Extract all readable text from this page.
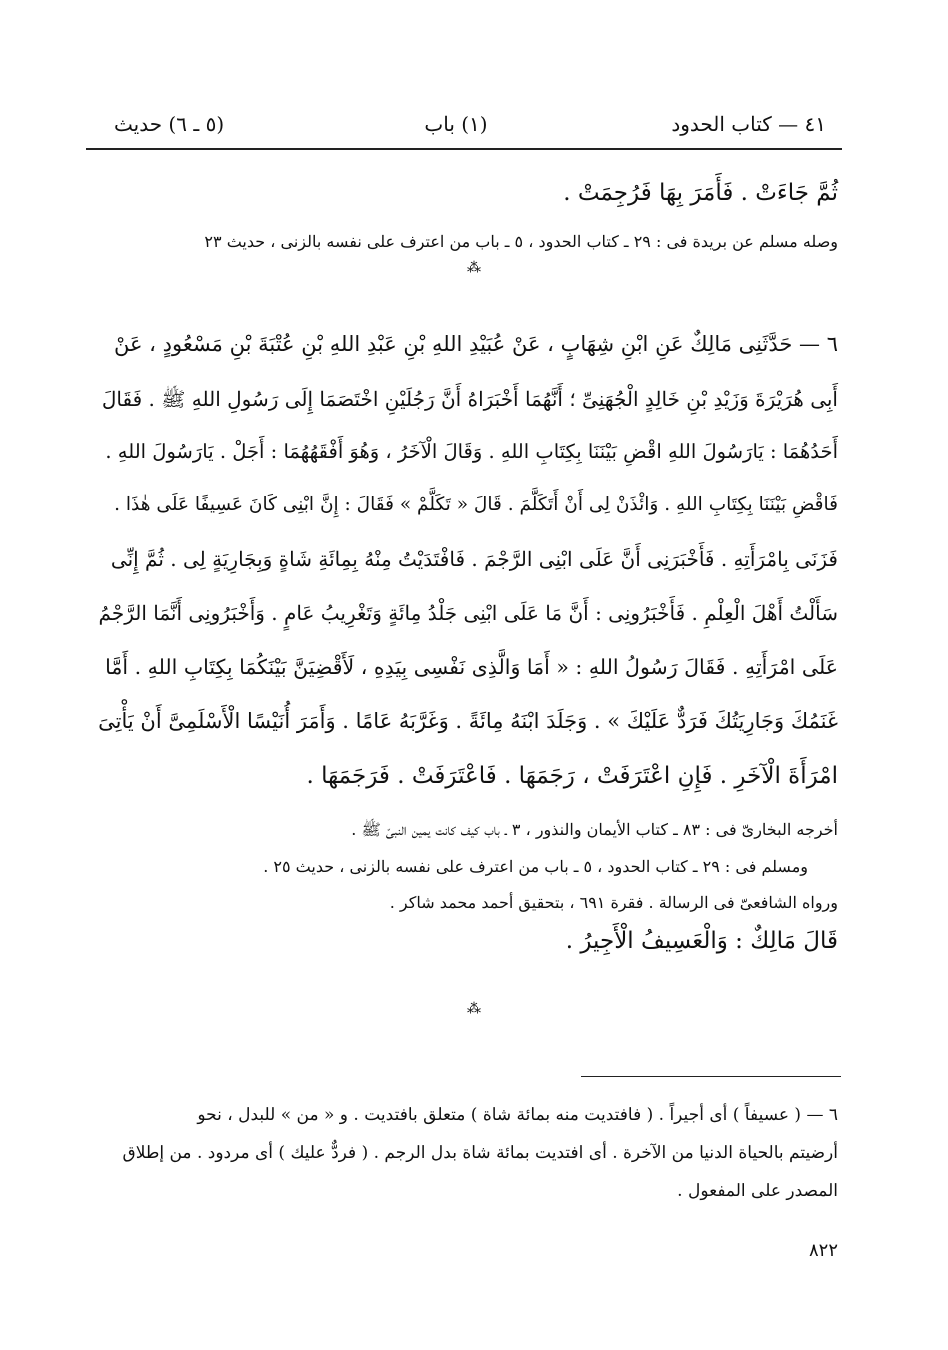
٤١ — كتاب الحدود
(١) باب
(٥ ـ ٦) حديث
ثُمَّ جَاءَتْ . فَأَمَرَ بِهَا فَرُجِمَتْ .
وصله مسلم عن بريدة فى : ٢٩ ـ كتاب الحدود ، ٥ ـ باب من اعترف على نفسه بالزنى ، حديث ٢٣
⁂
٦ — حَدَّثَنِى مَالِكٌ عَنِ ابْنِ شِهَابٍ ، عَنْ عُبَيْدِ اللهِ بْنِ عَبْدِ اللهِ بْنِ عُتْبَةَ بْنِ مَسْعُودٍ ، عَنْ
أَبِى هُرَيْرَةَ وَزَيْدِ بْنِ خَالِدٍ الْجُهَنِىِّ ؛ أَنَّهُمَا أَخْبَرَاهُ أَنَّ رَجُلَيْنِ اخْتَصَمَا إِلَى رَسُولِ اللهِ ﷺ . فَقَالَ
أَحَدُهُمَا : يَارَسُولَ اللهِ اقْضِ بَيْنَنَا بِكِتَابِ اللهِ . وَقَالَ الْآخَرُ ، وَهُوَ أَفْقَهُهُمَا : أَجَلْ . يَارَسُولَ اللهِ .
فَاقْضِ بَيْنَنَا بِكِتَابِ اللهِ . وَائْذَنْ لِى أَنْ أَتَكَلَّمَ . قَالَ « تَكَلَّمْ » فَقَالَ : إِنَّ ابْنِى كَانَ عَسِيفًا عَلَى هٰذَا .
فَزَنَى بِامْرَأَتِهِ . فَأَخْبَرَنِى أَنَّ عَلَى ابْنِى الرَّجْمَ . فَافْتَدَيْتُ مِنْهُ بِمِائَةِ شَاةٍ وَبِجَارِيَةٍ لِى . ثُمَّ إِنِّى
سَأَلْتُ أَهْلَ الْعِلْمِ . فَأَخْبَرُونِى : أَنَّ مَا عَلَى ابْنِى جَلْدُ مِائَةٍ وَتَغْرِيبُ عَامٍ . وَأَخْبَرُونِى أَنَّمَا الرَّجْمُ
عَلَى امْرَأَتِهِ . فَقَالَ رَسُولُ اللهِ : « أَمَا وَالَّذِى نَفْسِى بِيَدِهِ ، لَأَقْضِيَنَّ بَيْنَكُمَا بِكِتَابِ اللهِ . أَمَّا
غَنَمُكَ وَجَارِيَتُكَ فَرَدٌّ عَلَيْكَ » . وَجَلَدَ ابْنَهُ مِائَةً . وَغَرَّبَهُ عَامًا . وَأَمَرَ أُنَيْسًا الْأَسْلَمِىَّ أَنْ يَأْتِىَ
امْرَأَةَ الْآخَرِ . فَإِنِ اعْتَرَفَتْ ، رَجَمَهَا . فَاعْتَرَفَتْ . فَرَجَمَهَا .
أخرجه البخارىّ فى : ٨٣ ـ كتاب الأيمان والنذور ، ٣ ـ باب كيف كانت يمين النبىّ ﷺ .
ومسلم فى : ٢٩ ـ كتاب الحدود ، ٥ ـ باب من اعترف على نفسه بالزنى ، حديث ٢٥ .
ورواه الشافعىّ فى الرسالة . فقرة ٦٩١ ، بتحقيق أحمد محمد شاكر .
قَالَ مَالِكٌ : وَالْعَسِيفُ الْأَجِيرُ .
⁂
٦ — ( عسيفاً ) أى أجيراً . ( فافتديت منه بمائة شاة ) متعلق بافتديت . و « من » للبدل ، نحو
أرضيتم بالحياة الدنيا من الآخرة . أى افتديت بمائة شاة بدل الرجم . ( فردٌّ عليك ) أى مردود . من إطلاق
المصدر على المفعول .
٨٢٢
